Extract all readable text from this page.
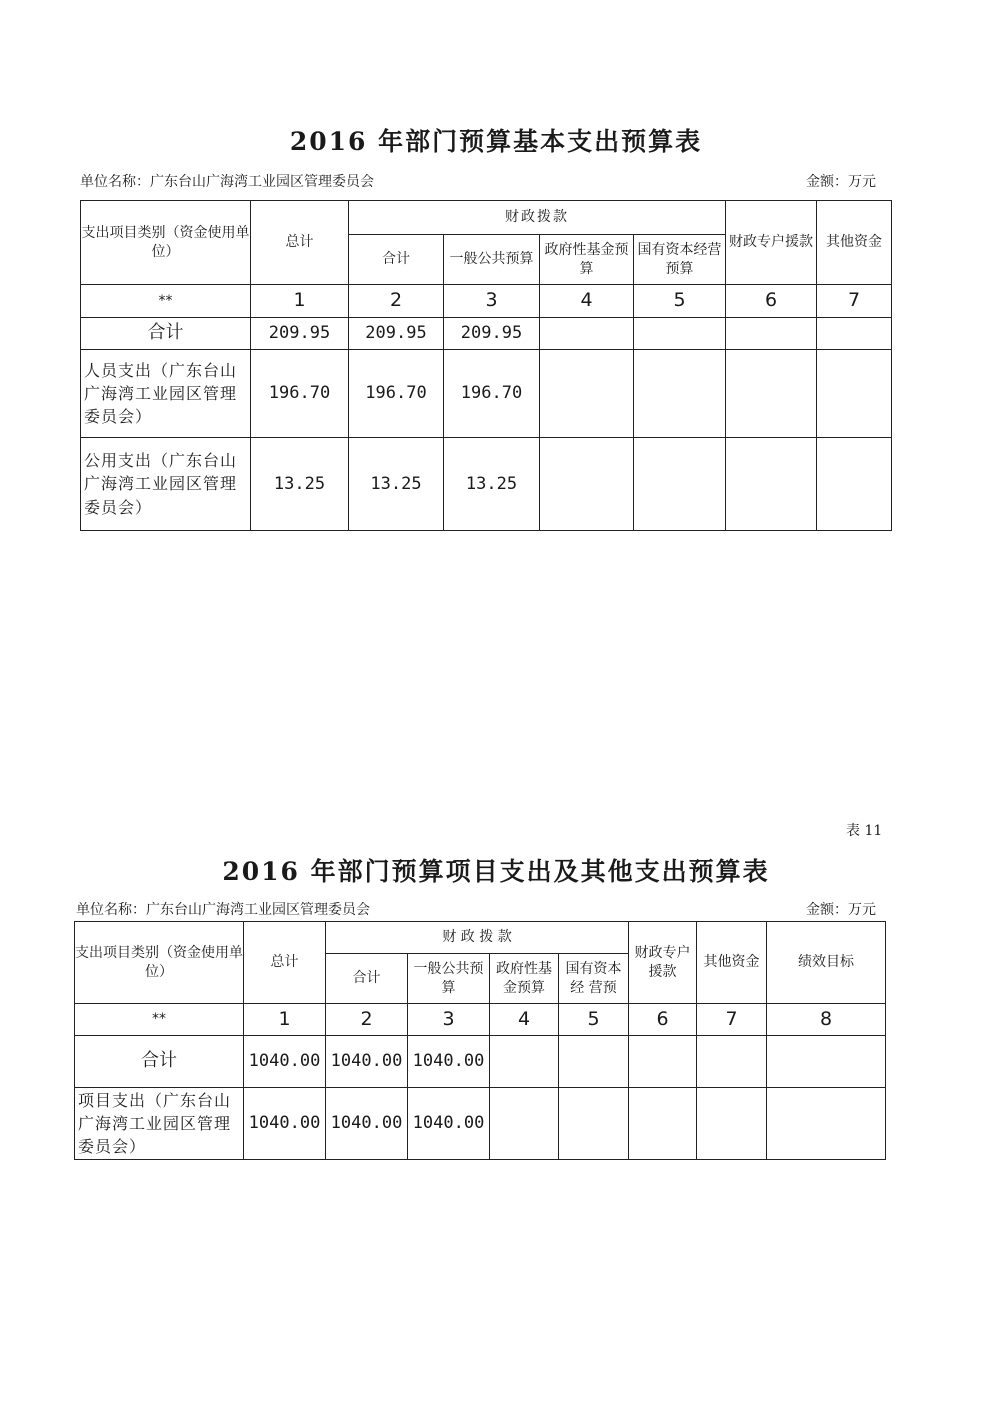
2016 年部门预算基本支出预算表
单位名称：广东台山广海湾工业园区管理委员会	金额：万元
支出项目类别（资金使用单位）	总计	财政拨款				财政专户援款	其他资金
		合计	一般公共预算	政府性基金预算	国有资本经营预算		
**	1	2	3	4	5	6	7
合计	209.95	209.95	209.95				
人员支出（广东台山广海湾工业园区管理委员会）	196.70	196.70	196.70				
公用支出（广东台山广海湾工业园区管理委员会）	13.25	13.25	13.25				
表 11
2016 年部门预算项目支出及其他支出预算表
单位名称：广东台山广海湾工业园区管理委员会	金额：万元
支出项目类别（资金使用单 位）	总计	财 政 拨 款				财政专户援款	其他资金	绩效目标
		合计	一般公共预算	政府性基金预算	国有资本经 营预			
**	1	2	3	4	5	6	7	8
合计	1040.00	1040.00	1040.00					
项目支出（广东台山广海湾工业园区管理委员会）	1040.00	1040.00	1040.00					
